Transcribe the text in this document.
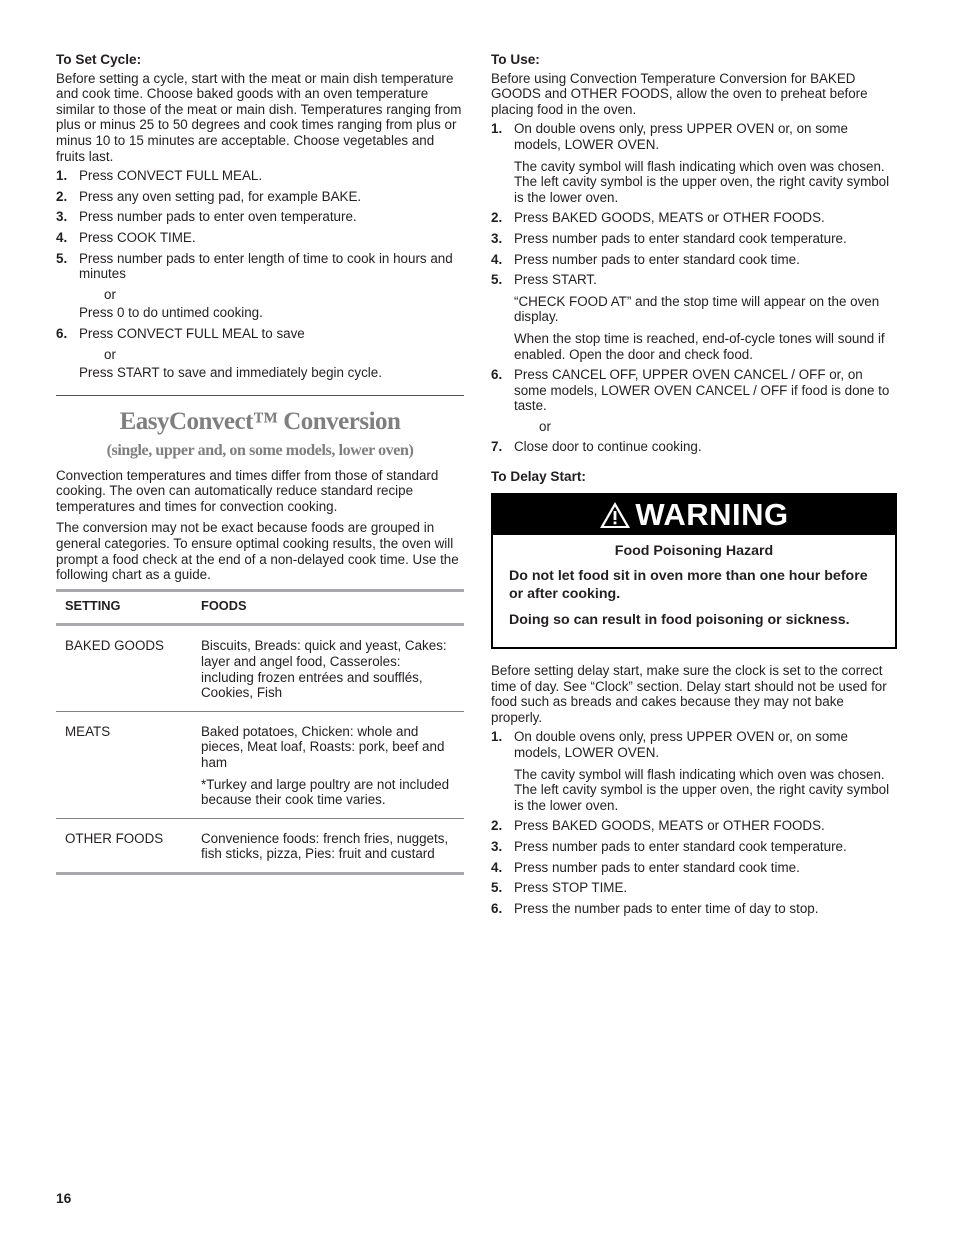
To Set Cycle:

Before setting a cycle, start with the meat or main dish temperature and cook time. Choose baked goods with an oven temperature similar to those of the meat or main dish. Temperatures ranging from plus or minus 25 to 50 degrees and cook times ranging from plus or minus 10 to 15 minutes are acceptable. Choose vegetables and fruits last.

1. Press CONVECT FULL MEAL.
2. Press any oven setting pad, for example BAKE.
3. Press number pads to enter oven temperature.
4. Press COOK TIME.
5. Press number pads to enter length of time to cook in hours and minutes
or
Press 0 to do untimed cooking.
6. Press CONVECT FULL MEAL to save
or
Press START to save and immediately begin cycle.
EasyConvect™ Conversion
(single, upper and, on some models, lower oven)

Convection temperatures and times differ from those of standard cooking. The oven can automatically reduce standard recipe temperatures and times for convection cooking.

The conversion may not be exact because foods are grouped in general categories. To ensure optimal cooking results, the oven will prompt a food check at the end of a non-delayed cook time. Use the following chart as a guide.

SETTING	FOODS
BAKED GOODS	Biscuits, Breads: quick and yeast, Cakes: layer and angel food, Casseroles: including frozen entrées and soufflés, Cookies, Fish

MEATS	Baked potatoes, Chicken: whole and pieces, Meat loaf, Roasts: pork, beef and ham
*Turkey and large poultry are not included because their cook time varies.

OTHER FOODS	Convenience foods: french fries, nuggets, fish sticks, pizza, Pies: fruit and custard
To Use:

Before using Convection Temperature Conversion for BAKED GOODS and OTHER FOODS, allow the oven to preheat before placing food in the oven.

1. On double ovens only, press UPPER OVEN or, on some models, LOWER OVEN.

The cavity symbol will flash indicating which oven was chosen. The left cavity symbol is the upper oven, the right cavity symbol is the lower oven.

2. Press BAKED GOODS, MEATS or OTHER FOODS.
3. Press number pads to enter standard cook temperature.
4. Press number pads to enter standard cook time.
5. Press START.

“CHECK FOOD AT” and the stop time will appear on the oven display.

When the stop time is reached, end-of-cycle tones will sound if enabled. Open the door and check food.

6. Press CANCEL OFF, UPPER OVEN CANCEL / OFF or, on some models, LOWER OVEN CANCEL / OFF if food is done to taste.
or
7. Close door to continue cooking.
To Delay Start:
WARNING
Food Poisoning Hazard

Do not let food sit in oven more than one hour before or after cooking.

Doing so can result in food poisoning or sickness.

Before setting delay start, make sure the clock is set to the correct time of day. See “Clock” section. Delay start should not be used for food such as breads and cakes because they may not bake properly.

1. On double ovens only, press UPPER OVEN or, on some models, LOWER OVEN.

The cavity symbol will flash indicating which oven was chosen. The left cavity symbol is the upper oven, the right cavity symbol is the lower oven.

2. Press BAKED GOODS, MEATS or OTHER FOODS.
3. Press number pads to enter standard cook temperature.
4. Press number pads to enter standard cook time.
5. Press STOP TIME.
6. Press the number pads to enter time of day to stop.
16
